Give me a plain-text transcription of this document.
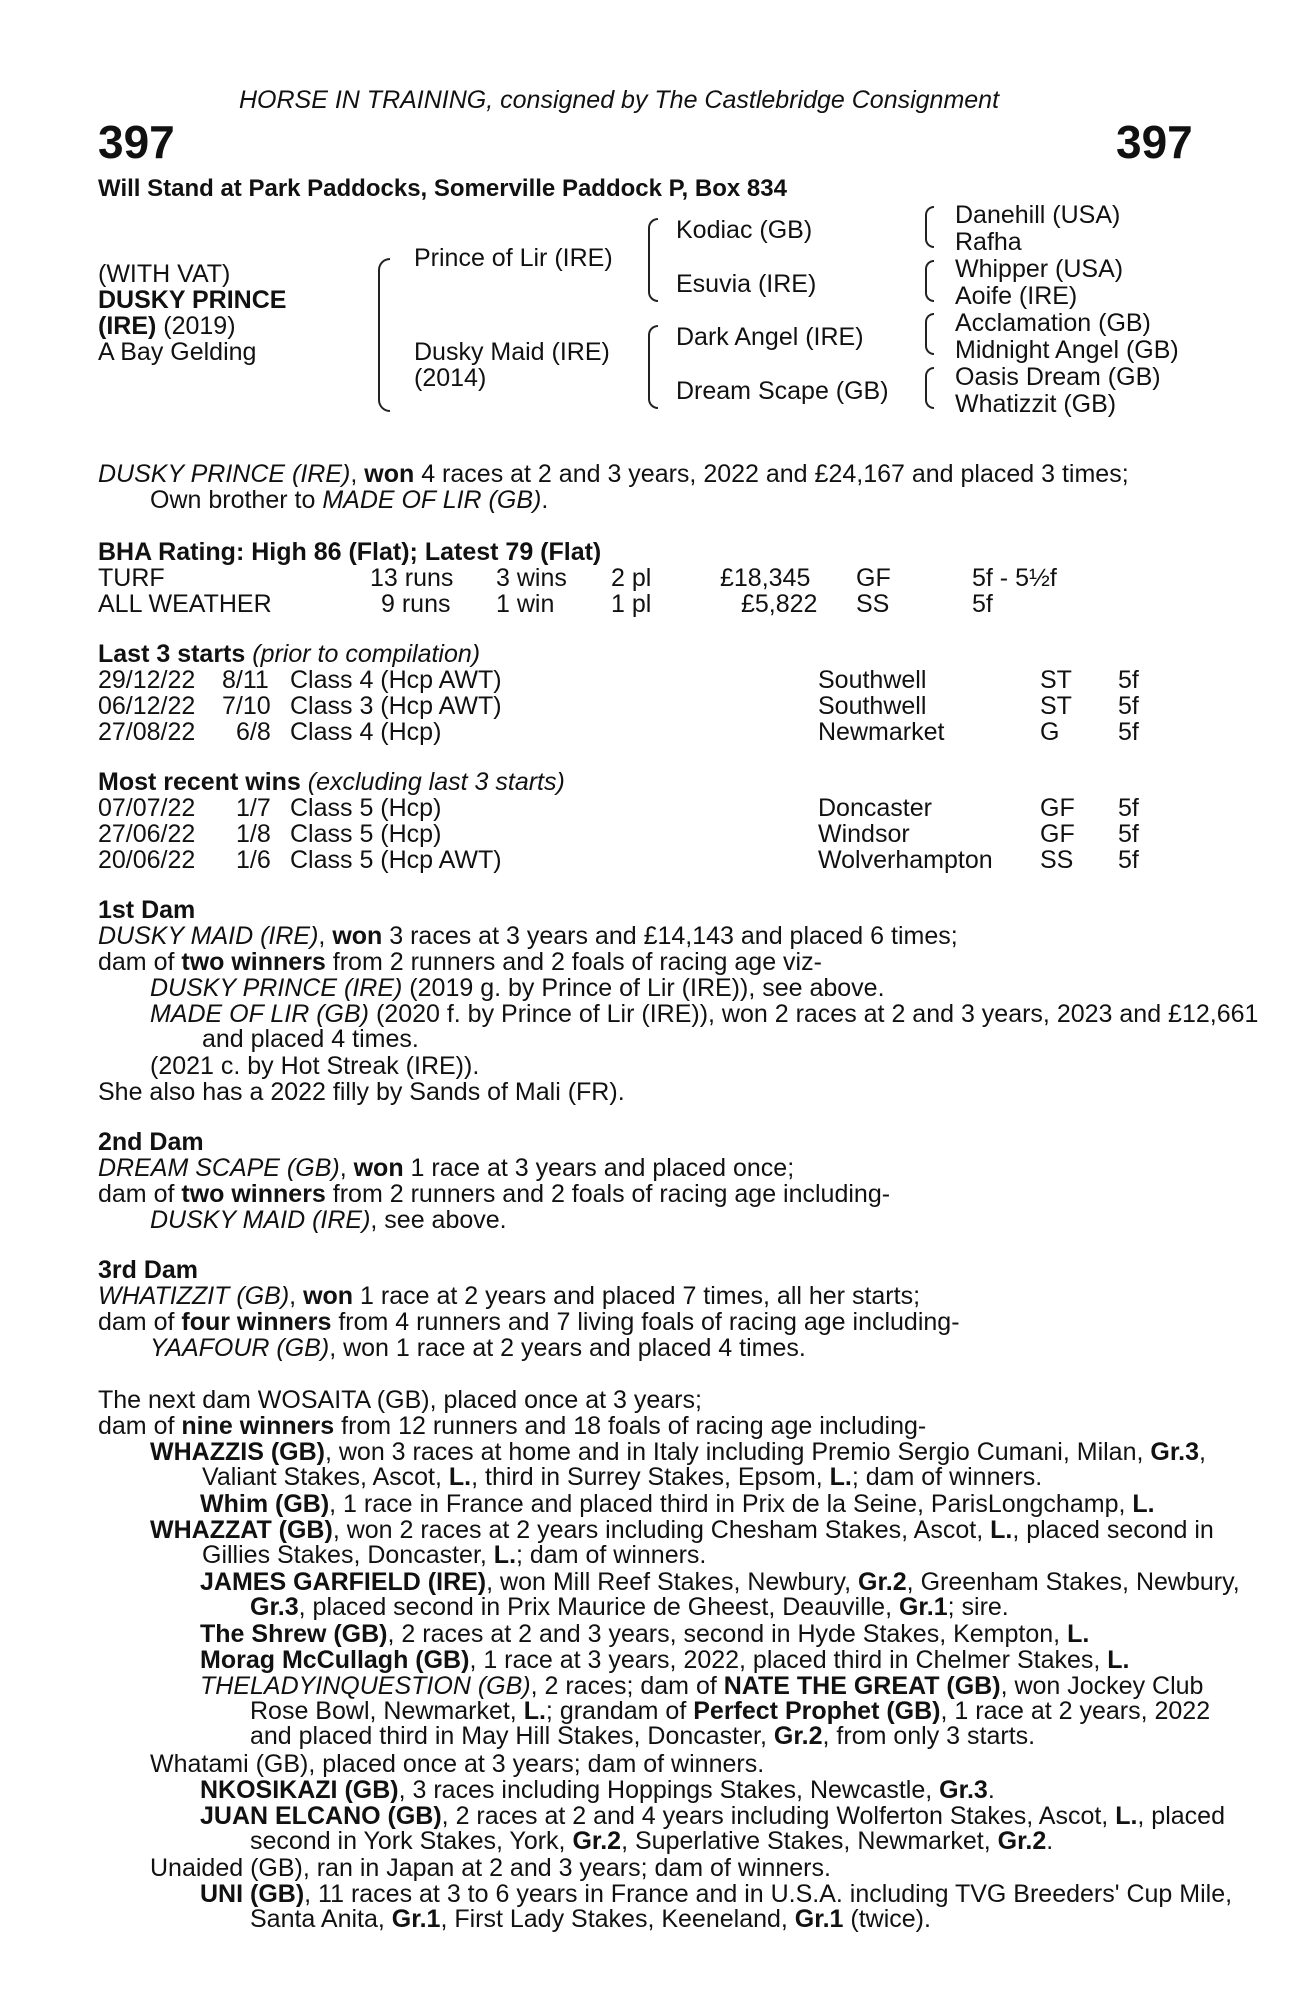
HORSE IN TRAINING, consigned by The Castlebridge Consignment
397	397
Will Stand at Park Paddocks, Somerville Paddock P, Box 834
(WITH VAT)
DUSKY PRINCE
(IRE) (2019)
A Bay Gelding
Prince of Lir (IRE)
Dusky Maid (IRE)
(2014)
Kodiac (GB)
Esuvia (IRE)
Dark Angel (IRE)
Dream Scape (GB)
Danehill (USA)
Rafha
Whipper (USA)
Aoife (IRE)
Acclamation (GB)
Midnight Angel (GB)
Oasis Dream (GB)
Whatizzit (GB)
DUSKY PRINCE (IRE), won 4 races at 2 and 3 years, 2022 and £24,167 and placed 3 times;
Own brother to MADE OF LIR (GB).
BHA Rating: High 86 (Flat); Latest 79 (Flat)
TURF	13 runs 3 wins 2 pl	£18,345 GF	5f - 5½f
ALL WEATHER	9 runs 1 win 1 pl	£5,822 SS	5f
Last 3 starts (prior to compilation)
29/12/22 8/11 Class 4 (Hcp AWT)	Southwell	ST 5f
06/12/22 7/10 Class 3 (Hcp AWT)	Southwell	ST 5f
27/08/22 6/8 Class 4 (Hcp)	Newmarket	G 5f
Most recent wins (excluding last 3 starts)
07/07/22 1/7 Class 5 (Hcp)	Doncaster	GF 5f
27/06/22 1/8 Class 5 (Hcp)	Windsor	GF 5f
20/06/22 1/6 Class 5 (Hcp AWT)	Wolverhampton SS 5f
1st Dam
DUSKY MAID (IRE), won 3 races at 3 years and £14,143 and placed 6 times;
dam of two winners from 2 runners and 2 foals of racing age viz-
DUSKY PRINCE (IRE) (2019 g. by Prince of Lir (IRE)), see above.
MADE OF LIR (GB) (2020 f. by Prince of Lir (IRE)), won 2 races at 2 and 3 years, 2023 and £12,661 and placed 4 times.
(2021 c. by Hot Streak (IRE)).
She also has a 2022 filly by Sands of Mali (FR).
2nd Dam
DREAM SCAPE (GB), won 1 race at 3 years and placed once;
dam of two winners from 2 runners and 2 foals of racing age including-
DUSKY MAID (IRE), see above.
3rd Dam
WHATIZZIT (GB), won 1 race at 2 years and placed 7 times, all her starts;
dam of four winners from 4 runners and 7 living foals of racing age including-
YAAFOUR (GB), won 1 race at 2 years and placed 4 times.
The next dam WOSAITA (GB), placed once at 3 years;
dam of nine winners from 12 runners and 18 foals of racing age including-
WHAZZIS (GB), won 3 races at home and in Italy including Premio Sergio Cumani, Milan, Gr.3, Valiant Stakes, Ascot, L., third in Surrey Stakes, Epsom, L.; dam of winners.
Whim (GB), 1 race in France and placed third in Prix de la Seine, ParisLongchamp, L.
WHAZZAT (GB), won 2 races at 2 years including Chesham Stakes, Ascot, L., placed second in Gillies Stakes, Doncaster, L.; dam of winners.
JAMES GARFIELD (IRE), won Mill Reef Stakes, Newbury, Gr.2, Greenham Stakes, Newbury, Gr.3, placed second in Prix Maurice de Gheest, Deauville, Gr.1; sire.
The Shrew (GB), 2 races at 2 and 3 years, second in Hyde Stakes, Kempton, L.
Morag McCullagh (GB), 1 race at 3 years, 2022, placed third in Chelmer Stakes, L.
THELADYINQUESTION (GB), 2 races; dam of NATE THE GREAT (GB), won Jockey Club Rose Bowl, Newmarket, L.; grandam of Perfect Prophet (GB), 1 race at 2 years, 2022 and placed third in May Hill Stakes, Doncaster, Gr.2, from only 3 starts.
Whatami (GB), placed once at 3 years; dam of winners.
NKOSIKAZI (GB), 3 races including Hoppings Stakes, Newcastle, Gr.3.
JUAN ELCANO (GB), 2 races at 2 and 4 years including Wolferton Stakes, Ascot, L., placed second in York Stakes, York, Gr.2, Superlative Stakes, Newmarket, Gr.2.
Unaided (GB), ran in Japan at 2 and 3 years; dam of winners.
UNI (GB), 11 races at 3 to 6 years in France and in U.S.A. including TVG Breeders' Cup Mile, Santa Anita, Gr.1, First Lady Stakes, Keeneland, Gr.1 (twice).
